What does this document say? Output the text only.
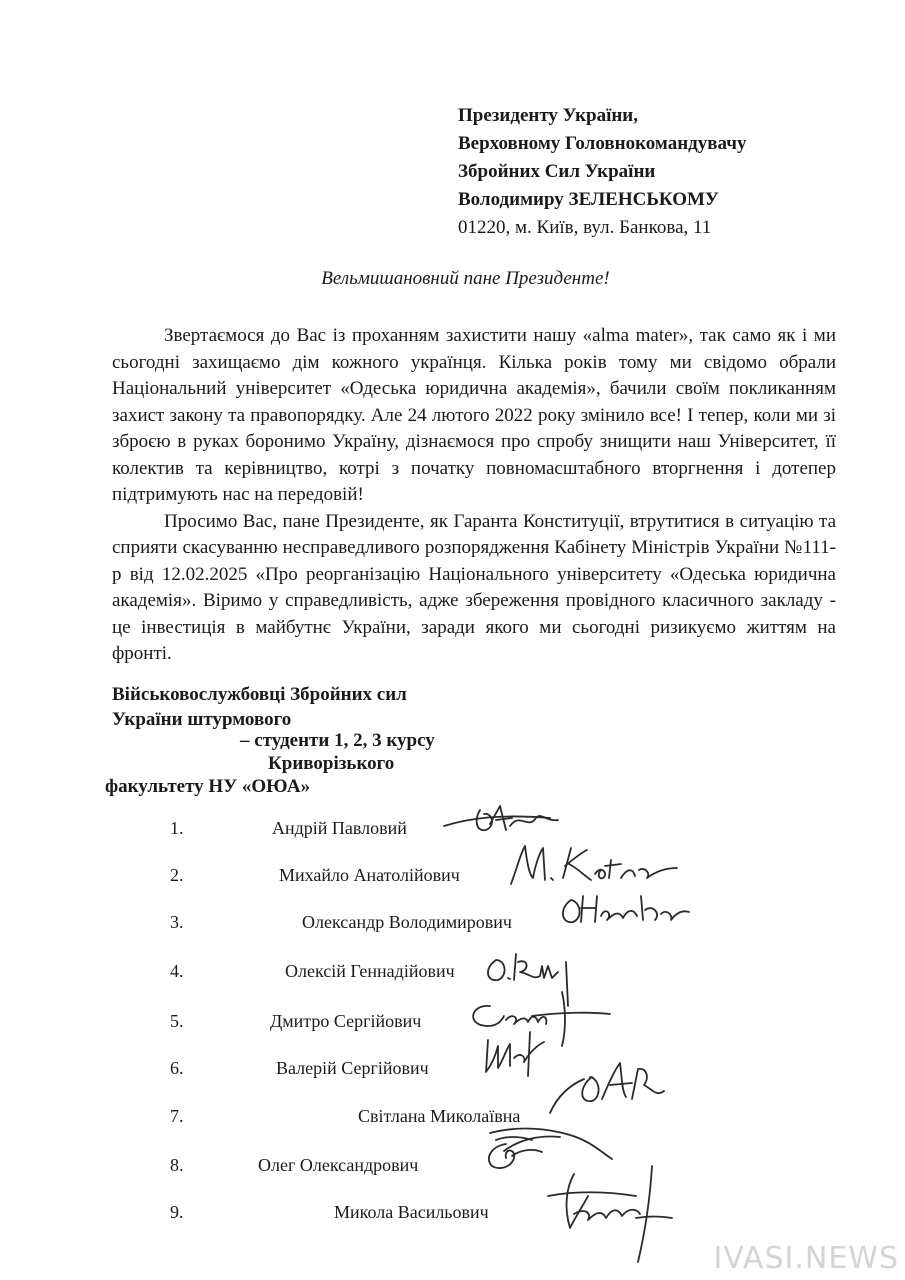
Президенту України,
Верховному Головнокомандувачу
Збройних Сил України
Володимиру ЗЕЛЕНСЬКОМУ
01220, м. Київ, вул. Банкова, 11
Вельмишановний пане Президенте!

Звертаємося до Вас із проханням захистити нашу «alma mater», так само як і ми сьогодні захищаємо дім кожного українця. Кілька років тому ми свідомо обрали Національний університет «Одеська юридична академія», бачили своїм покликанням захист закону та правопорядку. Але 24 лютого 2022 року змінило все! І тепер, коли ми зі зброєю в руках боронимо Україну, дізнаємося про спробу знищити наш Університет, її колектив та керівництво, котрі з початку повномасштабного вторгнення і дотепер підтримують нас на передовій!

Просимо Вас, пане Президенте, як Гаранта Конституції, втрутитися в ситуацію та сприяти скасуванню несправедливого розпорядження Кабінету Міністрів України №111-р від 12.02.2025 «Про реорганізацію Національного університету «Одеська юридична академія». Віримо у справедливість, адже збереження провідного класичного закладу - це інвестиція в майбутнє України, заради якого ми сьогодні ризикуємо життям на фронті.

Військовослужбовці Збройних сил
України штурмового
– студенти 1, 2, 3 курсу
Криворізького
факультету НУ «ОЮА»
1.	Андрій Павловий
2.	Михайло Анатолійович
3.	Олександр Володимирович
4.	Олексій Геннадійович
5.	Дмитро Сергійович
6.	Валерій Сергійович
7.	Світлана Миколаївна
8.	Олег Олександрович
9.	Микола Васильович
IVASI.NEWS
